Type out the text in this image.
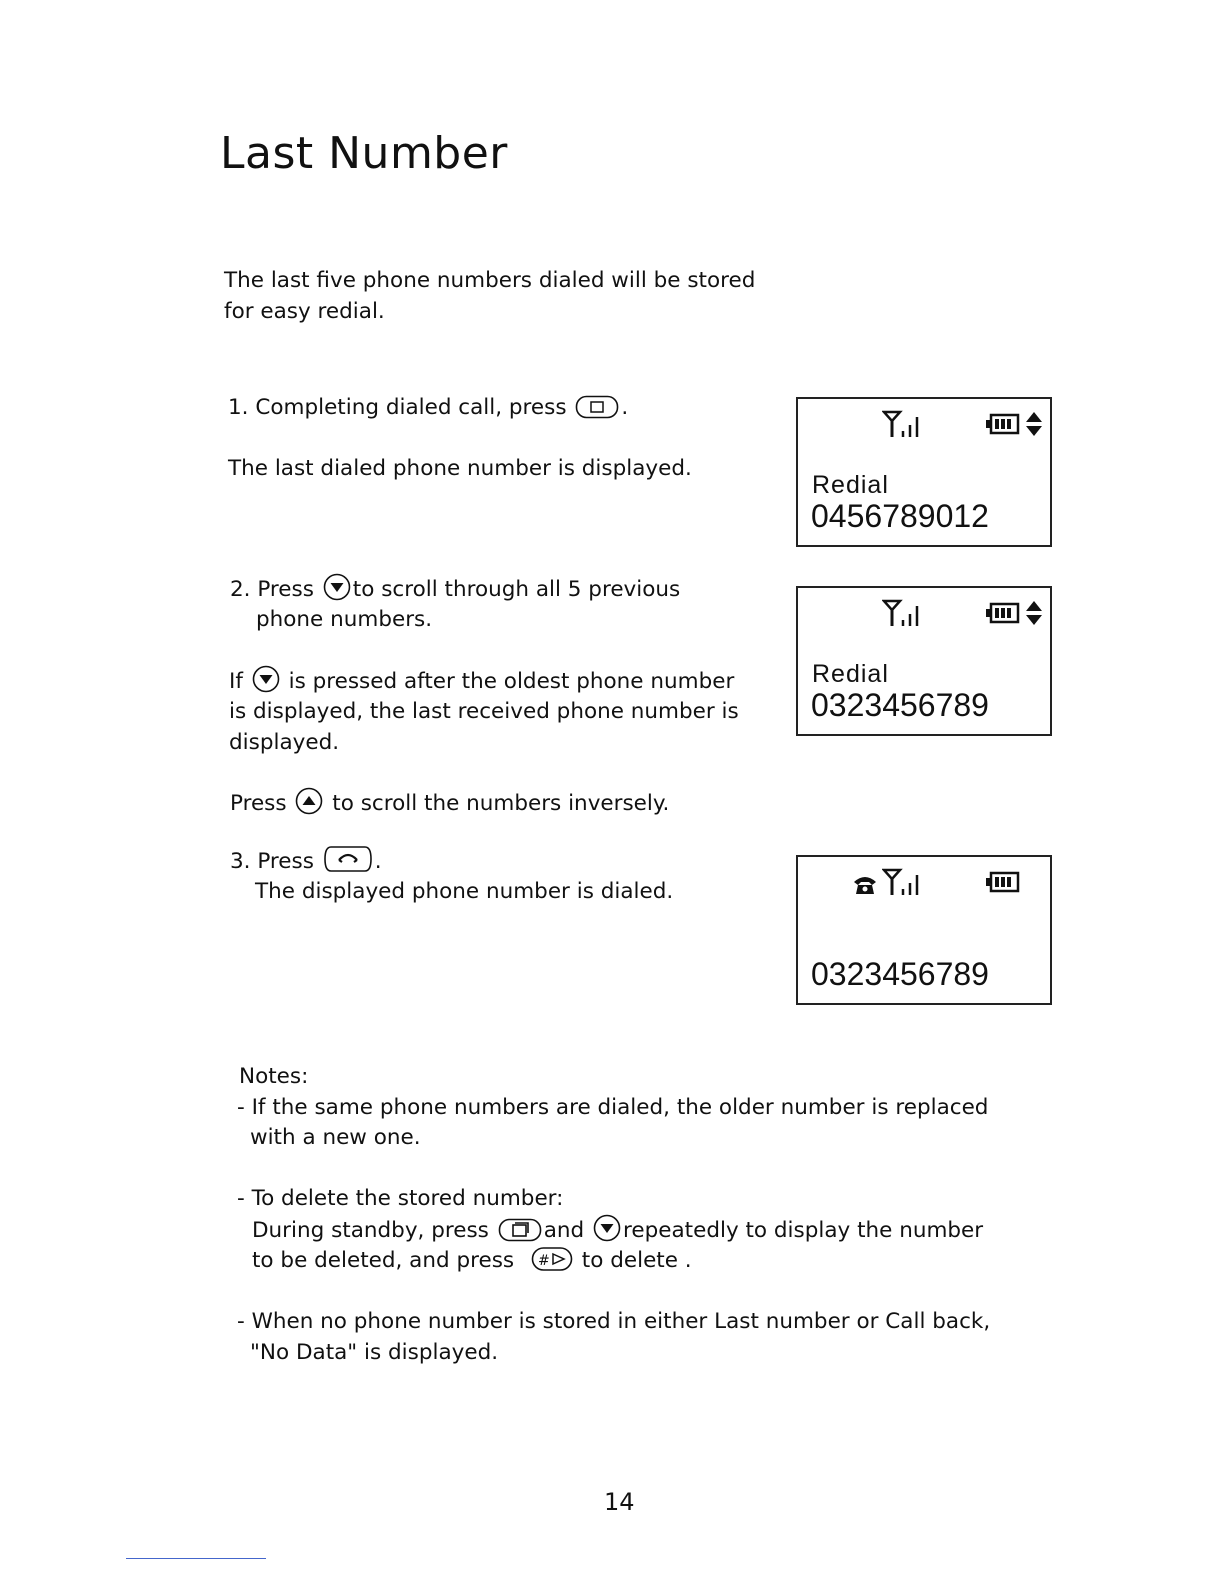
Last Number
The last five phone numbers dialed will be stored
for easy redial.
1. Completing dialed call, press	.
The last dialed phone number is displayed.
2. Press to scroll through all 5 previous
phone numbers.
If is pressed after the oldest phone number
is displayed, the last received phone number is
displayed.
Press to scroll the numbers inversely.
3. Press	.
The displayed phone number is dialed.
Redial
0456789012
Redial
0323456789
0323456789
Notes:
- If the same phone numbers are dialed, the older number is replaced
with a new one.
- To delete the stored number:
During standby, press	and repeatedly to display the number
to be deleted, and press # to delete .
- When no phone number is stored in either Last number or Call back,
"No Data" is displayed.
14
